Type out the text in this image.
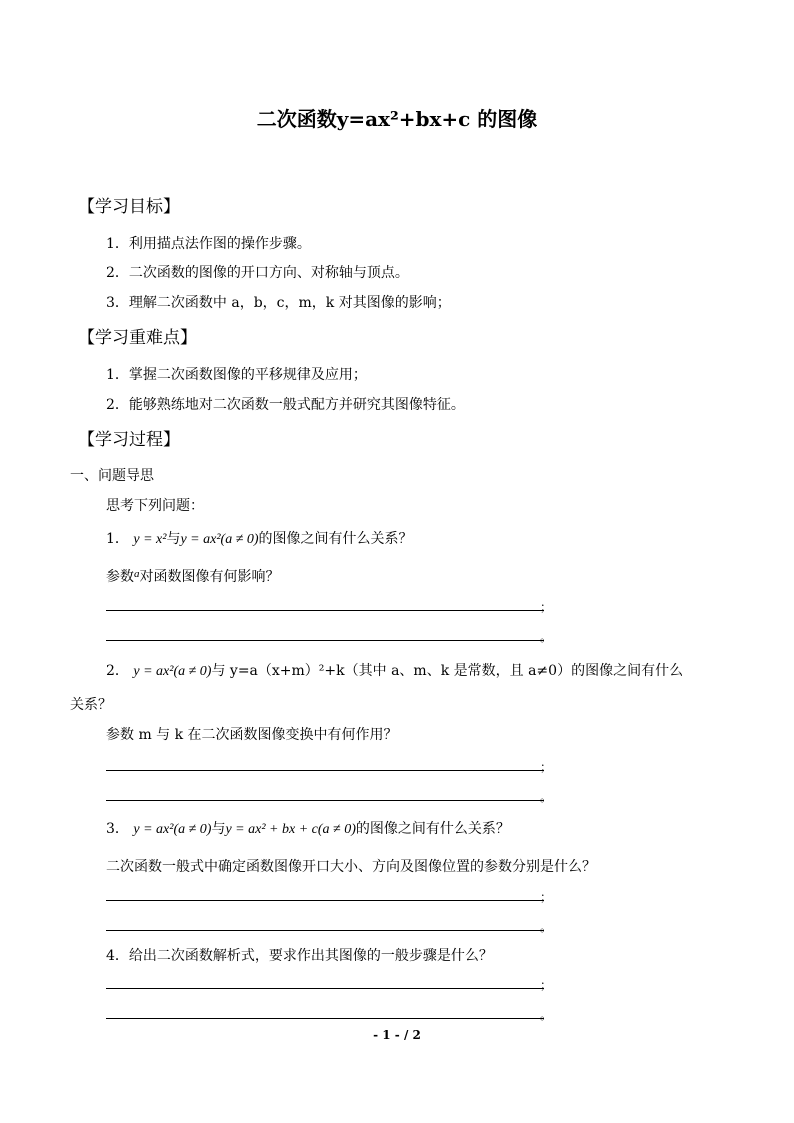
二次函数y=ax²+bx+c 的图像
【学习目标】
1．利用描点法作图的操作步骤。
2．二次函数的图像的开口方向、对称轴与顶点。
3．理解二次函数中 a，b，c，m，k 对其图像的影响；
【学习重难点】
1．掌握二次函数图像的平移规律及应用；
2．能够熟练地对二次函数一般式配方并研究其图像特征。
【学习过程】
一、问题导思
思考下列问题：
1． y = x²与y = ax²(a ≠ 0)的图像之间有什么关系？
参数$^a$对函数图像有何影响？
；
。
2． y = ax²(a ≠ 0)与 y=a（x+m）²+k（其中 a、m、k 是常数，且 a≠0）的图像之间有什么
关系？
参数 m 与 k 在二次函数图像变换中有何作用？
；
。
3． y = ax²(a ≠ 0)与y = ax² + bx + c(a ≠ 0)的图像之间有什么关系？
二次函数一般式中确定函数图像开口大小、方向及图像位置的参数分别是什么？
；
。
4．给出二次函数解析式，要求作出其图像的一般步骤是什么？
；
。
- 1 - / 2
